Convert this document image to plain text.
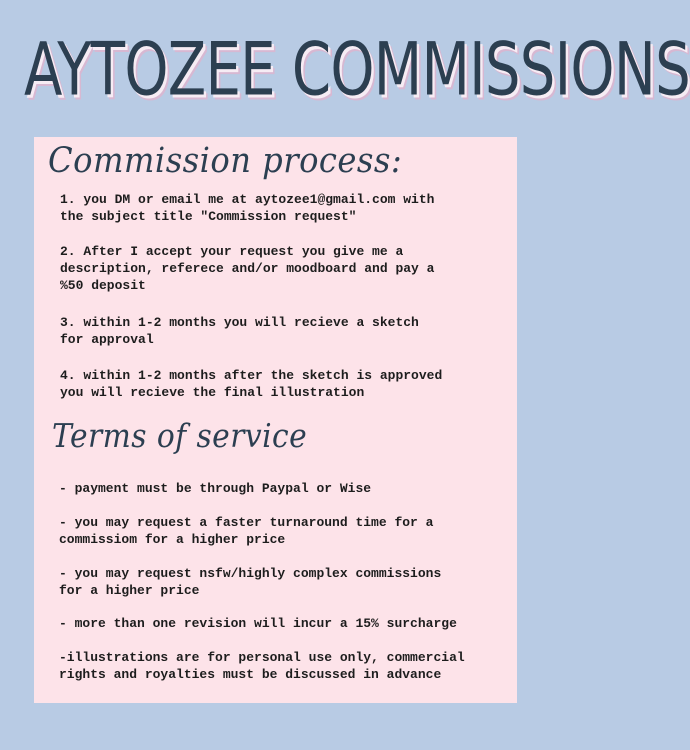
AYTOZEE COMMISSIONS
Commission process:

1. you DM or email me at aytozee1@gmail.com with
the subject title "Commission request"

2. After I accept your request you give me a
description, referece and/or moodboard and pay a
%50 deposit

3. within 1-2 months you will recieve a sketch
for approval

4. within 1-2 months after the sketch is approved
you will recieve the final illustration

Terms of service

- payment must be through Paypal or Wise

- you may request a faster turnaround time for a
commissiom for a higher price

- you may request nsfw/highly complex commissions
for a higher price

- more than one revision will incur a 15% surcharge

-illustrations are for personal use only, commercial
rights and royalties must be discussed in advance
